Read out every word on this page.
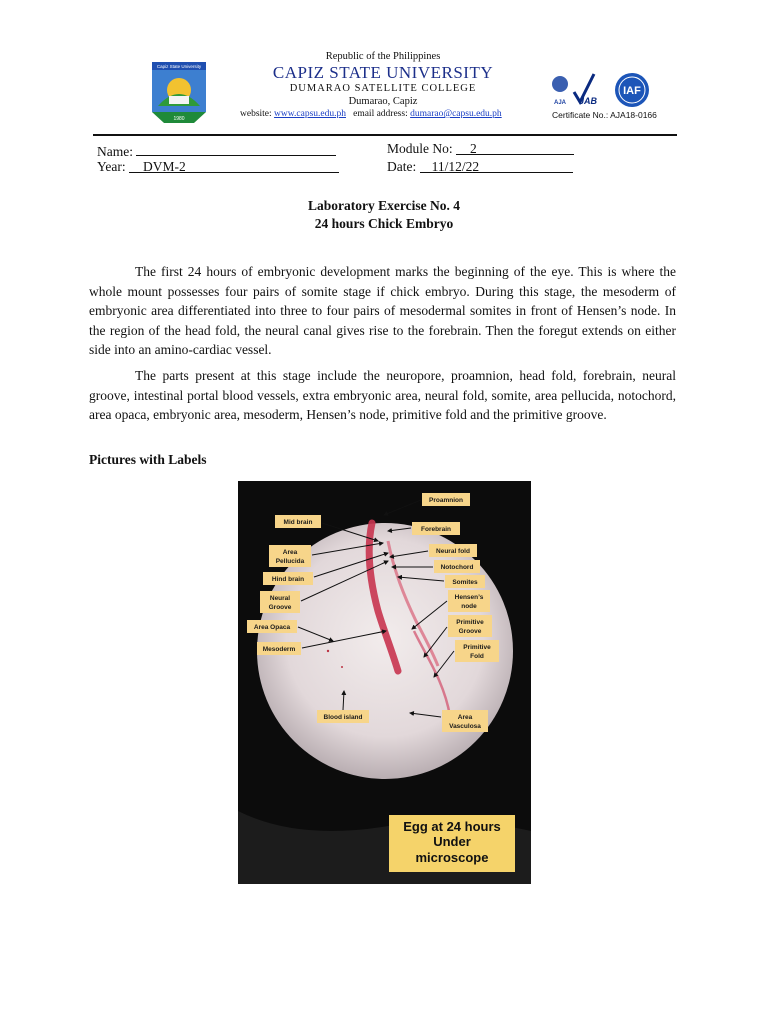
Capiz State University
1980
Republic of the Philippines
CAPIZ STATE UNIVERSITY
DUMARAO SATELLITE COLLEGE
Dumarao, Capiz
website: www.capsu.edu.ph email address: dumarao@capsu.edu.ph
AJA JAB
IAF
Certificate No.: AJA18-0166
Name:
Year: DVM-2
Module No: 2
Date: 11/12/22
Laboratory Exercise No. 4
24 hours Chick Embryo

The first 24 hours of embryonic development marks the beginning of the eye. This is where the whole mount possesses four pairs of somite stage if chick embryo. During this stage, the mesoderm of embryonic area differentiated into three to four pairs of mesodermal somites in front of Hensen’s node. In the region of the head fold, the neural canal gives rise to the forebrain. Then the foregut extends on either side into an amino-cardiac vessel.

The parts present at this stage include the neuropore, proamnion, head fold, forebrain, neural groove, intestinal portal blood vessels, extra embryonic area, neural fold, somite, area pellucida, notochord, area opaca, embryonic area, mesoderm, Hensen’s node, primitive fold and the primitive groove.

Pictures with Labels
Mid brain
Area
Pellucida
Hind brain
Neural
Groove
Area Opaca
Mesoderm
Blood island
Proamnion
Forebrain
Neural fold
Notochord
Somites
Hensen’s
node
Primitive
Groove
Primitive
Fold
Area
Vasculosa
Egg at 24 hours
Under
microscope
